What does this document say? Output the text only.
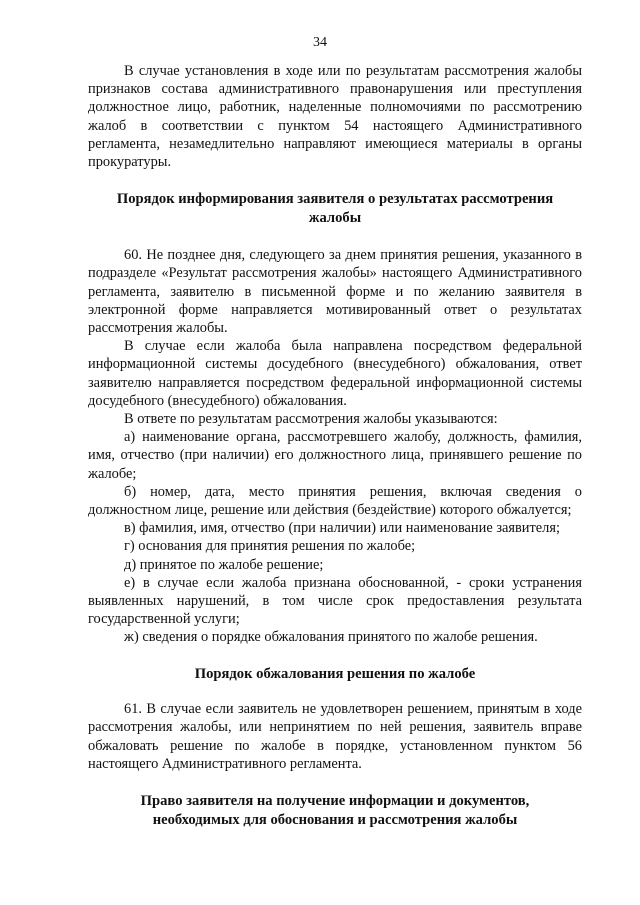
34

В случае установления в ходе или по результатам рассмотрения жалобы признаков состава административного правонарушения или преступления должностное лицо, работник, наделенные полномочиями по рассмотрению жалоб в соответствии с пунктом 54 настоящего Административного регламента, незамедлительно направляют имеющиеся материалы в органы прокуратуры.

Порядок информирования заявителя о результатах рассмотрения жалобы

60. Не позднее дня, следующего за днем принятия решения, указанного в подразделе «Результат рассмотрения жалобы» настоящего Административного регламента, заявителю в письменной форме и по желанию заявителя в электронной форме направляется мотивированный ответ о результатах рассмотрения жалобы.

В случае если жалоба была направлена посредством федеральной информационной системы досудебного (внесудебного) обжалования, ответ заявителю направляется посредством федеральной информационной системы досудебного (внесудебного) обжалования.

В ответе по результатам рассмотрения жалобы указываются:

а) наименование органа, рассмотревшего жалобу, должность, фамилия, имя, отчество (при наличии) его должностного лица, принявшего решение по жалобе;

б) номер, дата, место принятия решения, включая сведения о должностном лице, решение или действия (бездействие) которого обжалуется;

в) фамилия, имя, отчество (при наличии) или наименование заявителя;

г) основания для принятия решения по жалобе;

д) принятое по жалобе решение;

е) в случае если жалоба признана обоснованной, - сроки устранения выявленных нарушений, в том числе срок предоставления результата государственной услуги;

ж) сведения о порядке обжалования принятого по жалобе решения.

Порядок обжалования решения по жалобе

61. В случае если заявитель не удовлетворен решением, принятым в ходе рассмотрения жалобы, или непринятием по ней решения, заявитель вправе обжаловать решение по жалобе в порядке, установленном пунктом 56 настоящего Административного регламента.

Право заявителя на получение информации и документов, необходимых для обоснования и рассмотрения жалобы
